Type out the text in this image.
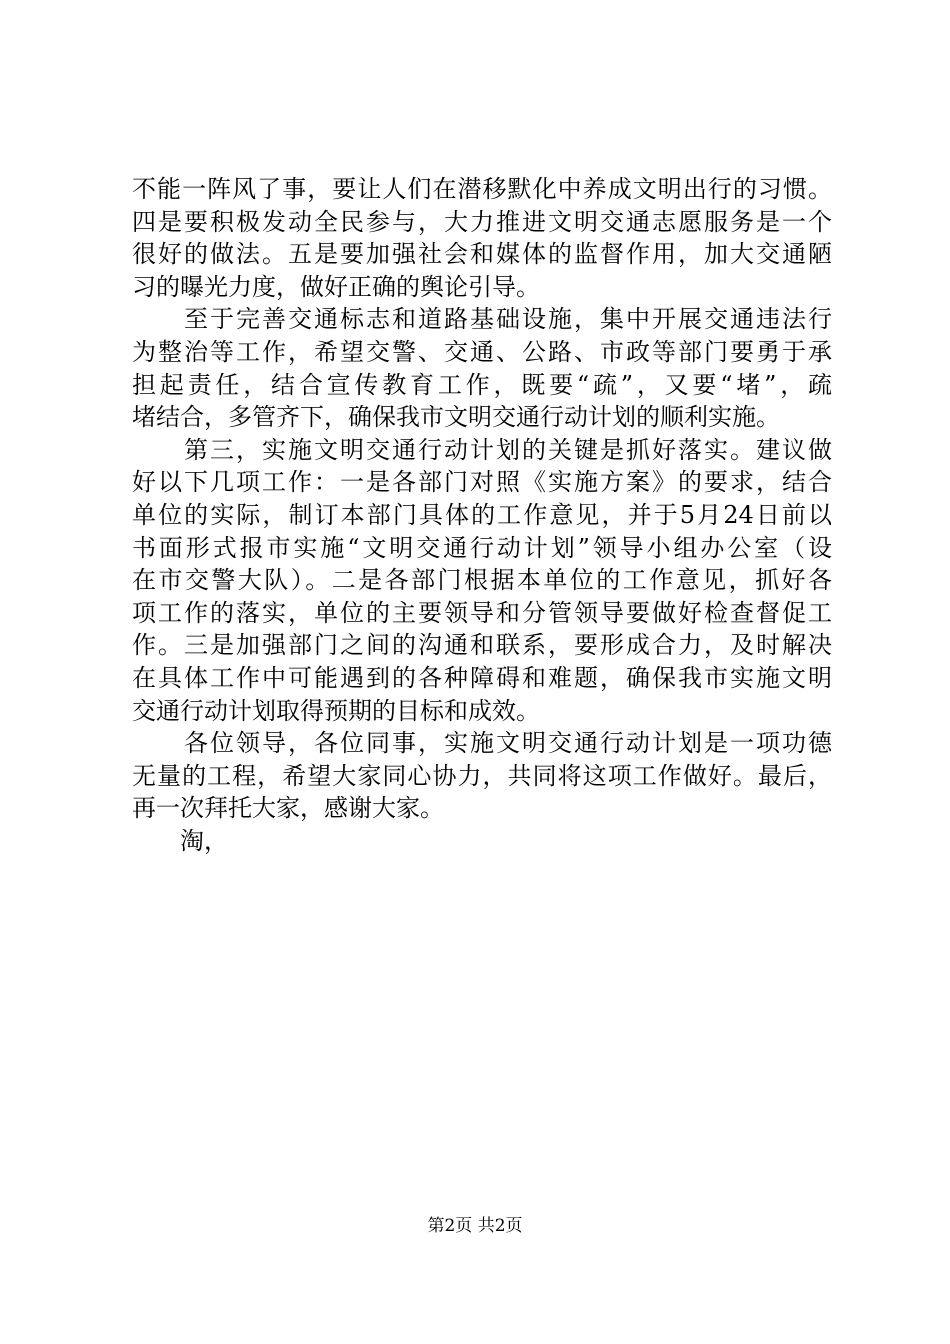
不能一阵风了事，要让人们在潜移默化中养成文明出行的习惯。
四是要积极发动全民参与，大力推进文明交通志愿服务是一个
很好的做法。五是要加强社会和媒体的监督作用，加大交通陋
习的曝光力度，做好正确的舆论引导。
　　至于完善交通标志和道路基础设施，集中开展交通违法行
为整治等工作，希望交警、交通、公路、市政等部门要勇于承
担起责任，结合宣传教育工作，既要“疏”，又要“堵”，疏
堵结合，多管齐下，确保我市文明交通行动计划的顺利实施。
　　第三，实施文明交通行动计划的关键是抓好落实。建议做
好以下几项工作：一是各部门对照《实施方案》的要求，结合
单位的实际，制订本部门具体的工作意见，并于5月24日前以
书面形式报市实施“文明交通行动计划”领导小组办公室（设
在市交警大队）。二是各部门根据本单位的工作意见，抓好各
项工作的落实，单位的主要领导和分管领导要做好检查督促工
作。三是加强部门之间的沟通和联系，要形成合力，及时解决
在具体工作中可能遇到的各种障碍和难题，确保我市实施文明
交通行动计划取得预期的目标和成效。
　　各位领导，各位同事，实施文明交通行动计划是一项功德
无量的工程，希望大家同心协力，共同将这项工作做好。最后，
再一次拜托大家，感谢大家。
　　淘，
第2页 共2页
